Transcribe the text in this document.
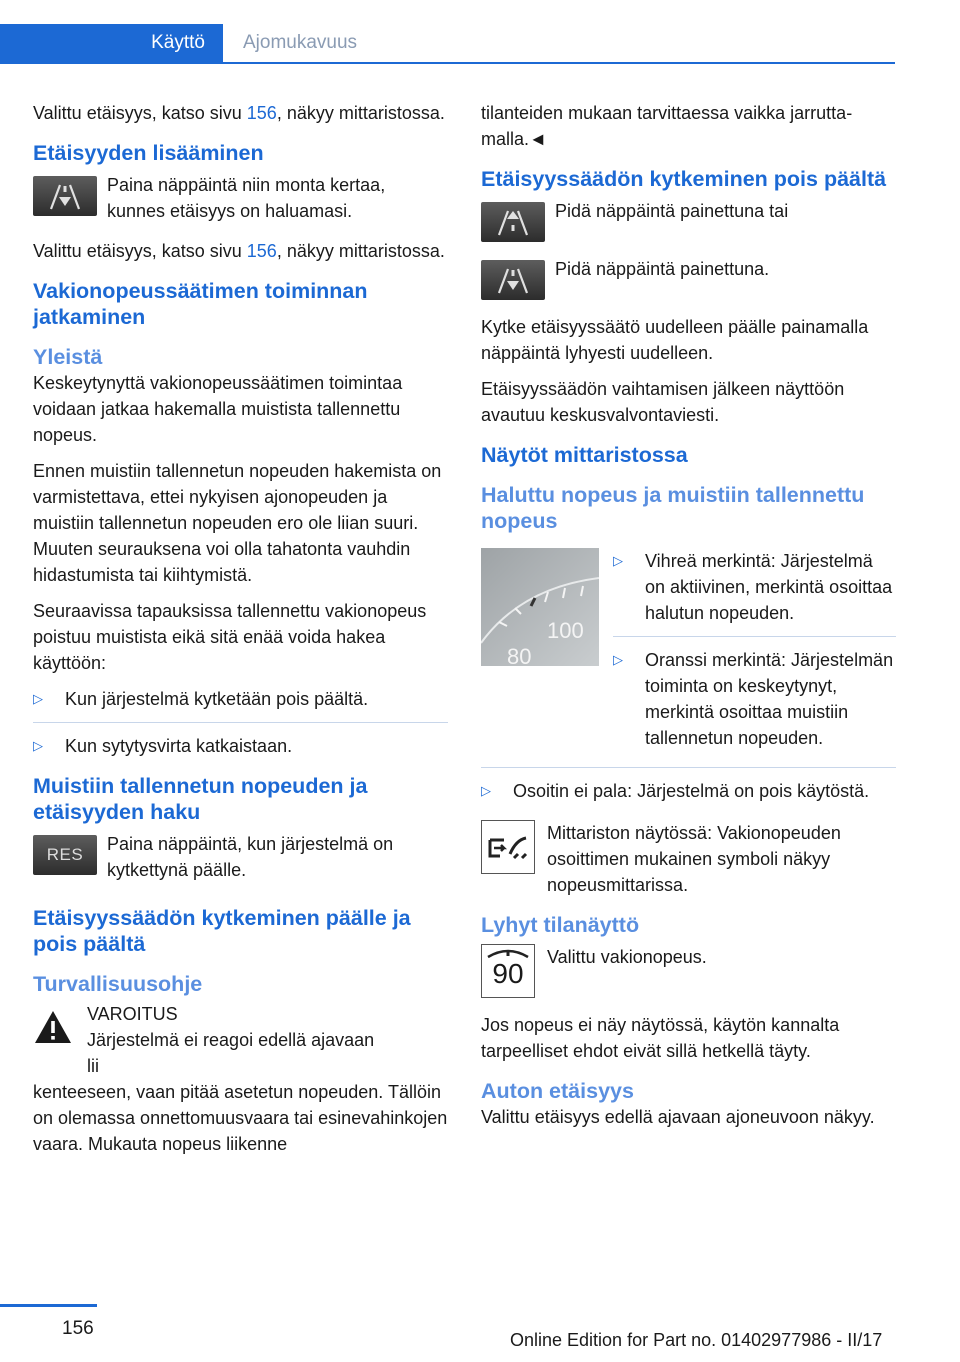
Käyttö	Ajomukavuus

Valittu etäisyys, katso sivu 156, näkyy mittaristossa.

Etäisyyden lisääminen

Paina näppäintä niin monta kertaa, kunnes etäisyys on haluamasi.

Valittu etäisyys, katso sivu 156, näkyy mittaristossa.

Vakionopeussäätimen toiminnan jatkaminen
Yleistä

Keskeytynyttä vakionopeussäätimen toimintaa voidaan jatkaa hakemalla muistista tallennettu nopeus.

Ennen muistiin tallennetun nopeuden hakemista on varmistettava, ettei nykyisen ajonopeuden ja muistiin tallennetun nopeuden ero ole liian suuri. Muuten seurauksena voi olla tahatonta vauhdin hidastumista tai kiihtymistä.

Seuraavissa tapauksissa tallennettu vakionopeus poistuu muistista eikä sitä enää voida hakea käyttöön:

▷	Kun järjestelmä kytketään pois päältä.
▷	Kun sytytysvirta katkaistaan.
Muistiin tallennetun nopeuden ja etäisyyden haku
RES

Paina näppäintä, kun järjestelmä on kytkettynä päälle.

Etäisyyssäädön kytkeminen päälle ja pois päältä
Turvallisuusohje

VAROITUS

Järjestelmä ei reagoi edellä ajavaan lii

kenteeseen, vaan pitää asetetun nopeuden. Tällöin on olemassa onnettomuusvaara tai esinevahinkojen vaara. Mukauta nopeus liikenne

tilanteiden mukaan tarvittaessa vaikka jarruttamalla.◄

Etäisyyssäädön kytkeminen pois päältä

Pidä näppäintä painettuna tai

Pidä näppäintä painettuna.

Kytke etäisyyssäätö uudelleen päälle painamalla näppäintä lyhyesti uudelleen.

Etäisyyssäädön vaihtamisen jälkeen näyttöön avautuu keskusvalvontaviesti.

Näytöt mittaristossa
Haluttu nopeus ja muistiin tallennettu nopeus
100
80
▷	Vihreä merkintä: Järjestelmä on aktiivinen, merkintä osoittaa halutun nopeuden.
▷	Oranssi merkintä: Järjestelmän toiminta on keskeytynyt, merkintä osoittaa muistiin tallennetun nopeuden.
▷	Osoitin ei pala: Järjestelmä on pois käytöstä.

Mittariston näytössä: Vakionopeuden osoittimen mukainen symboli näkyy nopeusmittarissa.

Lyhyt tilanäyttö
90

Valittu vakionopeus.

Jos nopeus ei näy näytössä, käytön kannalta tarpeelliset ehdot eivät sillä hetkellä täyty.

Auton etäisyys

Valittu etäisyys edellä ajavaan ajoneuvoon näkyy.

156
Online Edition for Part no. 01402977986 - II/17
